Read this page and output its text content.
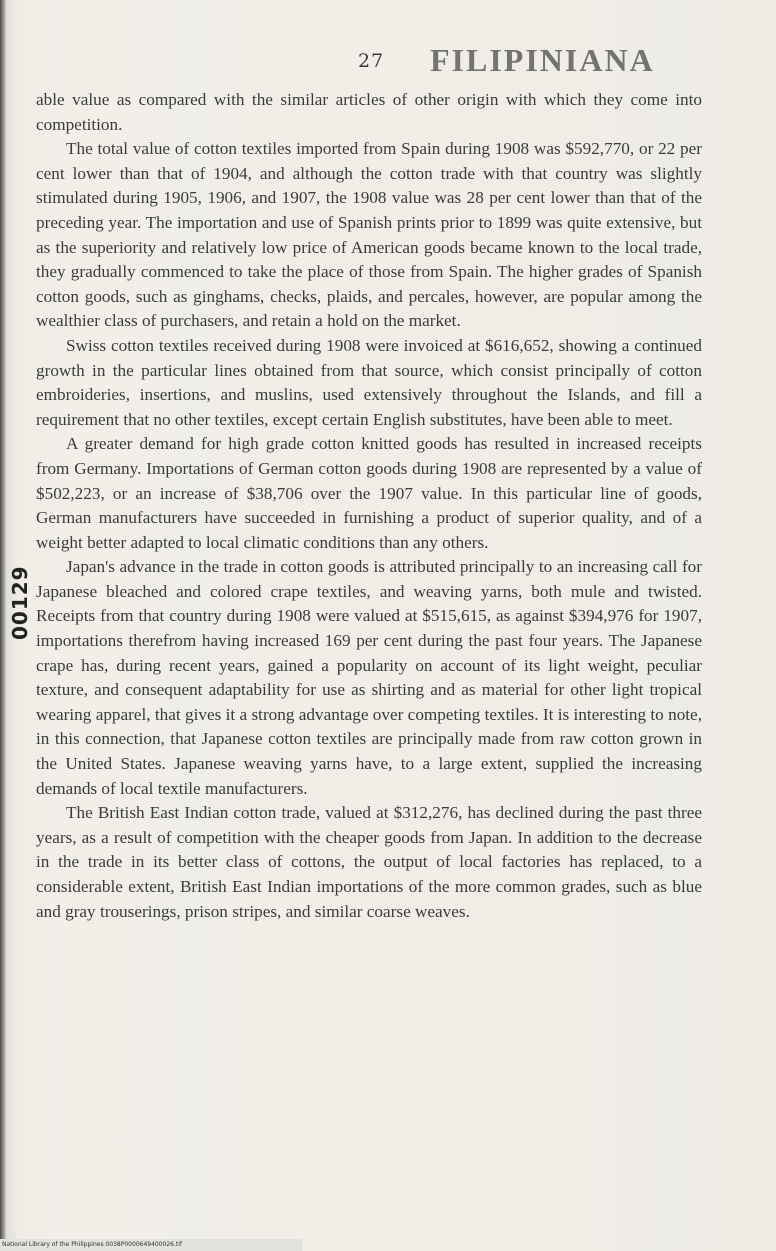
27 FILIPINIANA
00129

able value as compared with the similar articles of other origin with which they come into competition.

The total value of cotton textiles imported from Spain during 1908 was $592,770, or 22 per cent lower than that of 1904, and although the cotton trade with that country was slightly stimulated during 1905, 1906, and 1907, the 1908 value was 28 per cent lower than that of the preceding year. The importation and use of Spanish prints prior to 1899 was quite extensive, but as the superiority and relatively low price of American goods became known to the local trade, they gradually commenced to take the place of those from Spain. The higher grades of Spanish cotton goods, such as ginghams, checks, plaids, and percales, however, are popular among the wealthier class of purchasers, and retain a hold on the market.

Swiss cotton textiles received during 1908 were invoiced at $616,652, showing a continued growth in the particular lines obtained from that source, which consist principally of cotton embroideries, insertions, and muslins, used extensively throughout the Islands, and fill a requirement that no other textiles, except certain English substitutes, have been able to meet.

A greater demand for high grade cotton knitted goods has resulted in increased receipts from Germany. Importations of German cotton goods during 1908 are represented by a value of $502,223, or an increase of $38,706 over the 1907 value. In this particular line of goods, German manufacturers have succeeded in furnishing a product of superior quality, and of a weight better adapted to local climatic conditions than any others.

Japan's advance in the trade in cotton goods is attributed principally to an increasing call for Japanese bleached and colored crape textiles, and weaving yarns, both mule and twisted. Receipts from that country during 1908 were valued at $515,615, as against $394,976 for 1907, importations therefrom having increased 169 per cent during the past four years. The Japanese crape has, during recent years, gained a popularity on account of its light weight, peculiar texture, and consequent adaptability for use as shirting and as material for other light tropical wearing apparel, that gives it a strong advantage over competing textiles. It is interesting to note, in this connection, that Japanese cotton textiles are principally made from raw cotton grown in the United States. Japanese weaving yarns have, to a large extent, supplied the increasing demands of local textile manufacturers.

The British East Indian cotton trade, valued at $312,276, has declined during the past three years, as a result of competition with the cheaper goods from Japan. In addition to the decrease in the trade in its better class of cottons, the output of local factories has replaced, to a considerable extent, British East Indian importations of the more common grades, such as blue and gray trouserings, prison stripes, and similar coarse weaves.

National Library of the Philippines 0038P0000649400026.tif
